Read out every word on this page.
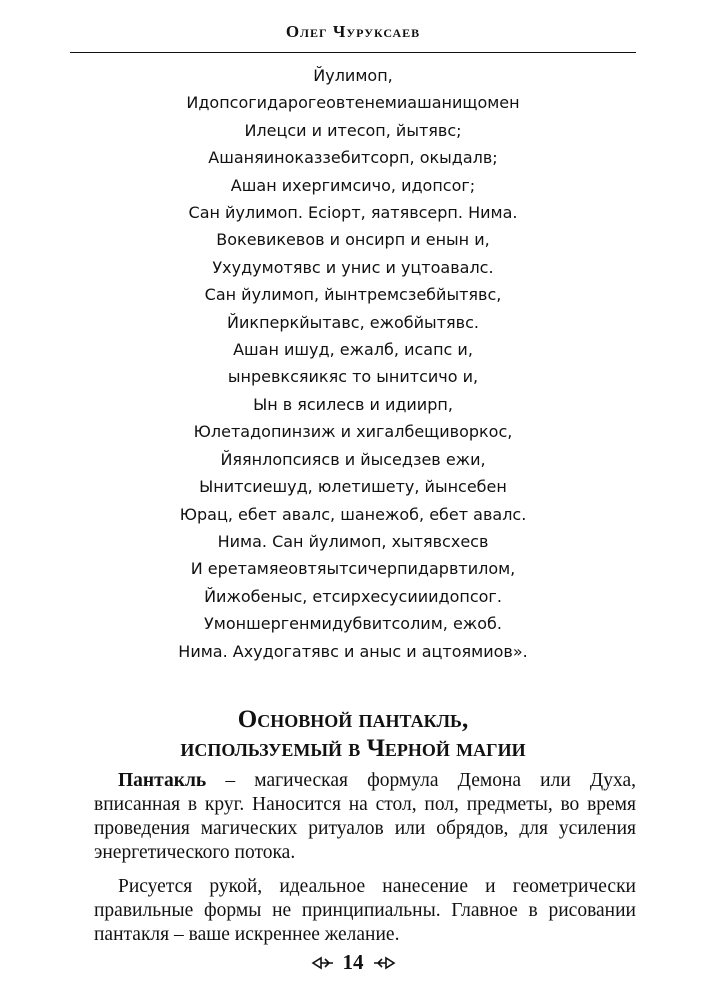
Олег Чуруксаев
Йулимоп,
Идопсогидарогеовтенемиашанищомен
Илецси и итесоп, йытявс;
Ашаняиноказзебитсорп, окыдалв;
Ашан ихергимсичо, идопсог;
Сан йулимоп. Еciорт, яатявсерп. Нима.
Вокевикевов и онсирп и енын и,
Ухудумотявс и унис и уцтоавалс.
Сан йулимоп, йынтремсзебйытявс,
Йикперкйытавс, ежобйытявс.
Ашан ишуд, ежалб, исапс и,
ынревксяикяс то ынитсичо и,
Ын в ясилесв и идиирп,
Юлетадопинзиж и хигалбещиворкос,
Йяянлопсиясв и йыседзев ежи,
Ынитсиешуд, юлетишету, йынсебен
Юрац, ебет авалс, шанежоб, ебет авалс.
Нима. Сан йулимоп, хытявсхесв
И еретамяеовтяытсичерпидарвтилом,
Йижобеныс, етсирхесусииидопсог.
Умоншергенмидубвитсолим, ежоб.
Нима. Ахудогатявс и аныс и ацтоямиов».
Основной пантакль,
используемый в Черной магии

Пантакль – магическая формула Демона или Духа, вписанная в круг. Наносится на стол, пол, предметы, во время проведения магических ритуалов или обрядов, для усиления энергетического потока.

Рисуется рукой, идеальное нанесение и геометрически правильные формы не принципиальны. Главное в рисовании пантакля – ваше искреннее желание.

14
